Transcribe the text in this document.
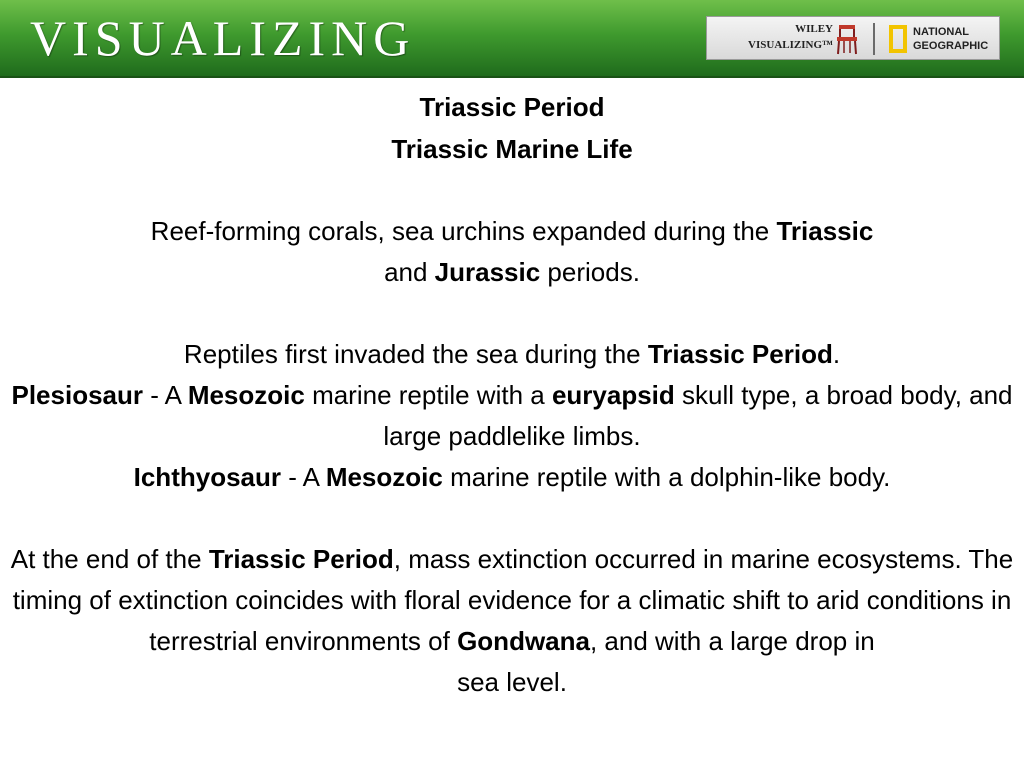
VISUALIZING	WILEY
VISUALIZING™
NATIONAL
GEOGRAPHIC

Triassic Period

Triassic Marine Life

Reef-forming corals, sea urchins expanded during the Triassic
and Jurassic periods.

Reptiles first invaded the sea during the Triassic Period.

Plesiosaur - A Mesozoic marine reptile with a euryapsid skull type, a broad body, and large paddlelike limbs.

Ichthyosaur - A Mesozoic marine reptile with a dolphin-like body.

At the end of the Triassic Period, mass extinction occurred in marine ecosystems. The timing of extinction coincides with floral evidence for a climatic shift to arid conditions in terrestrial environments of Gondwana, and with a large drop in
sea level.
